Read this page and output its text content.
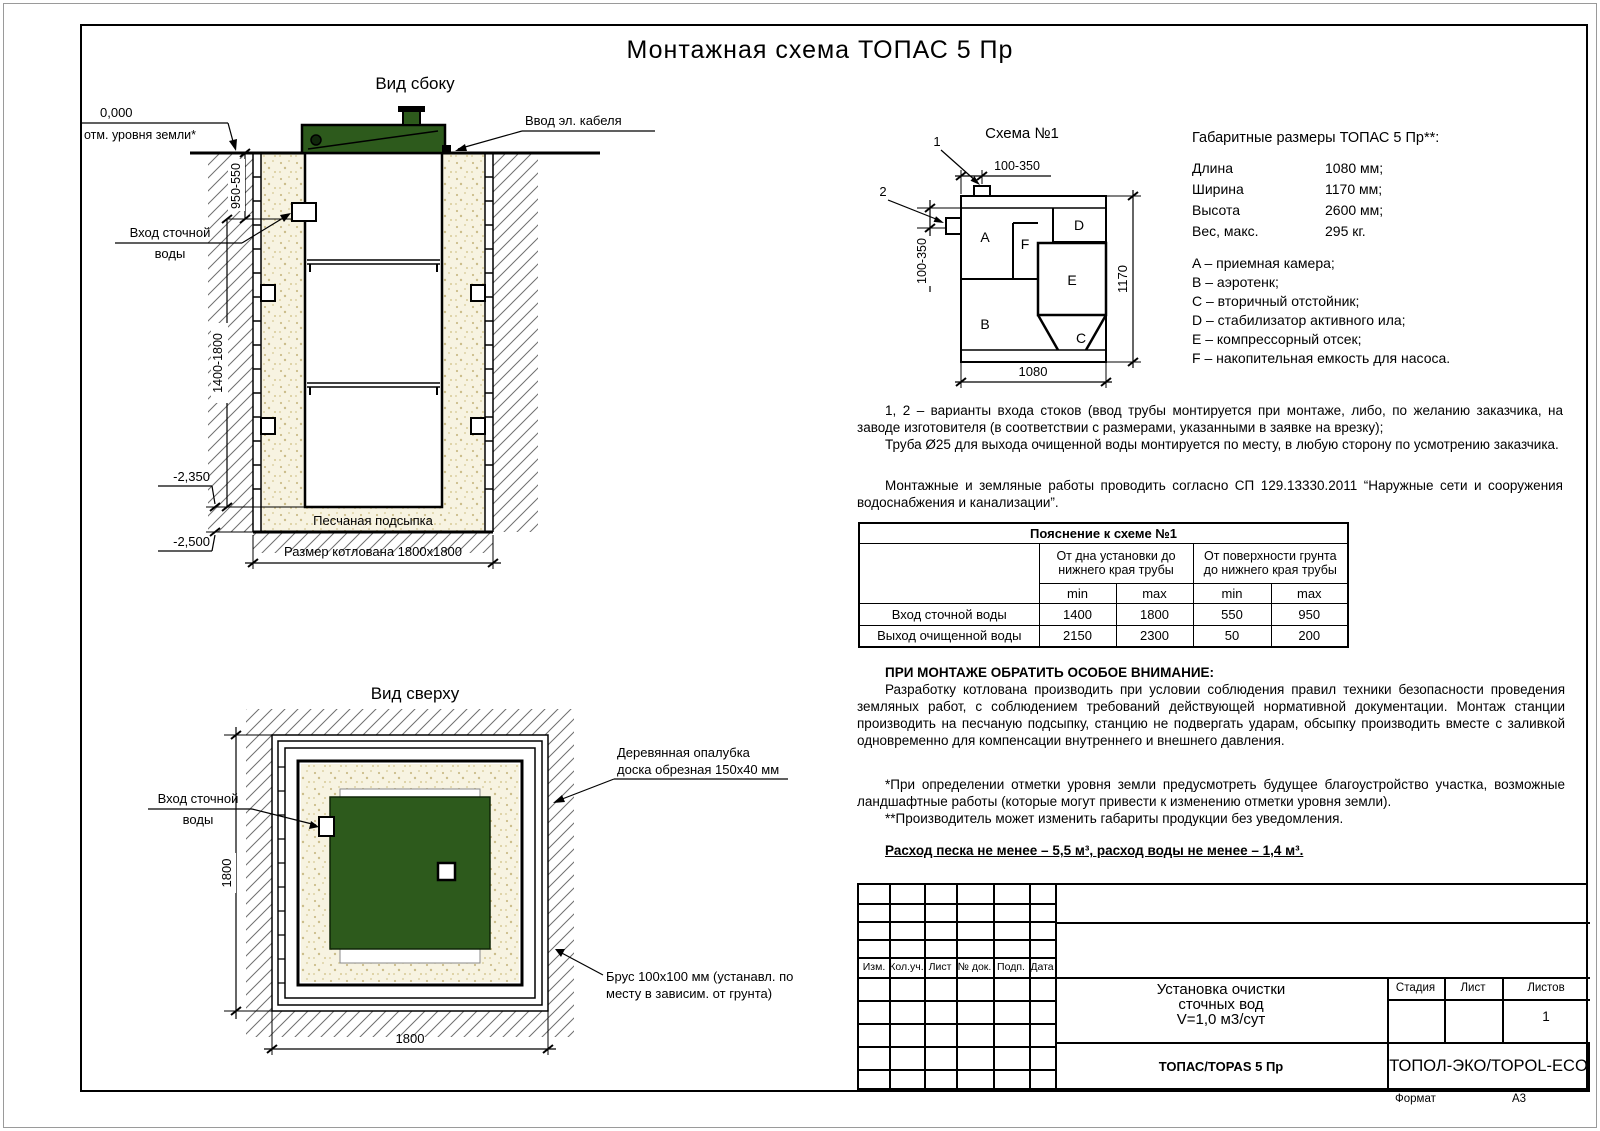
Монтажная схема ТОПАС 5 Пр
Вид сбоку
Вид сверху
0,000
отм. уровня земли*
950-550
1400-1800
-2,350
-2,500
Размер котлована 1800х1800
Вход сточной
воды
Ввод эл. кабеля
Песчаная подсыпка
Вход сточной
воды
Деревянная опалубка
доска обрезная 150х40 мм
Брус 100х100 мм (устанавл. по
месту в зависим. от грунта)
1800
1800
Схема №1
A F
D
E
B
C
1
2
100-350
100-350	1170
1080
Габаритные размеры ТОПАС 5 Пр**:
Длина	1080 мм;
Ширина	1170 мм;
Высота	2600 мм;
Вес, макс.	295 кг.
A – приемная камера;
B – аэротенк;
C – вторичный отстойник;
D – стабилизатор активного ила;
E – компрессорный отсек;
F – накопительная емкость для насоса.

1, 2 – варианты входа стоков (ввод трубы монтируется при монтаже, либо, по желанию заказчика, на заводе изготовителя (в соответствии с размерами, указанными в заявке на врезку);

Труба Ø25 для выхода очищенной воды монтируется по месту, в любую сторону по усмотрению заказчика.

Монтажные и земляные работы проводить согласно СП 129.13330.2011 “Наружные сети и сооружения водоснабжения и канализации”.

Пояснение к схеме №1				
	От дна установки до нижнего края трубы		От поверхности грунта до нижнего края трубы	
	min	max	min	max
Вход сточной воды	1400	1800	550	950
Выход очищенной воды	2150	2300	50	200

ПРИ МОНТАЖЕ ОБРАТИТЬ ОСОБОЕ ВНИМАНИЕ:

Разработку котлована производить при условии соблюдения правил техники безопасности проведения земляных работ, с соблюдением требований действующей нормативной документации. Монтаж станции производить на песчаную подсыпку, станцию не подвергать ударам, обсыпку производить вместе с заливкой одновременно для компенсации внутреннего и внешнего давления.

*При определении отметки уровня земли предусмотреть будущее благоустройство участка, возможные ландшафтные работы (которые могут привести к изменению отметки уровня земли).

**Производитель может изменить габариты продукции без уведомления.

Расход песка не менее – 5,5 м³, расход воды не менее – 1,4 м³.
Изм. Кол.уч. Лист № док. Подп. Дата
Установка очистки
сточных вод
V=1,0 м3/сут
Стадия	Лист	Листов
1
ТОПАС/TOPAS 5 Пр	ТОПОЛ-ЭКО/TOPOL-ECO
Формат	А3
